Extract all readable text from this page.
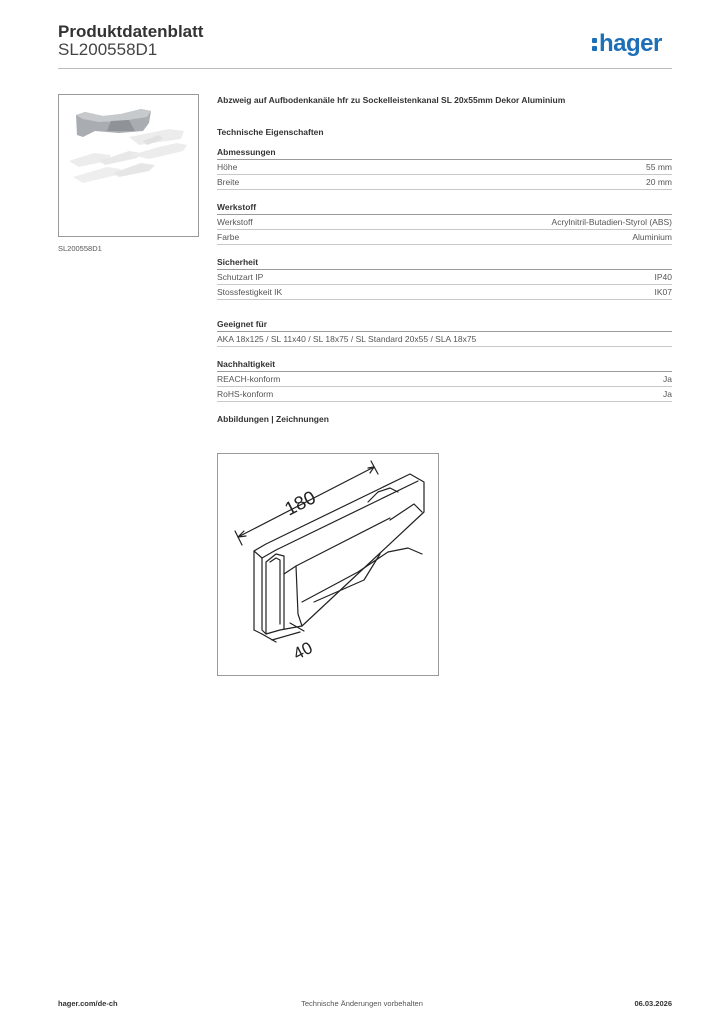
Produktdatenblatt
SL200558D1	hager
SL200558D1
Abzweig auf Aufbodenkanäle hfr zu Sockelleistenkanal SL 20x55mm Dekor Aluminium
Technische Eigenschaften
Abmessungen
Höhe	55 mm
Breite	20 mm
Werkstoff
Werkstoff	Acrylnitril-Butadien-Styrol (ABS)
Farbe	Aluminium
Sicherheit
Schutzart IP	IP40
Stossfestigkeit IK	IK07
Geeignet für
AKA 18x125 / SL 11x40 / SL 18x75 / SL Standard 20x55 / SLA 18x75
Nachhaltigkeit
REACH-konform	Ja
RoHS-konform	Ja
Abbildungen | Zeichnungen
180
40
hager.com/de-ch	Technische Änderungen vorbehalten	06.03.2026
